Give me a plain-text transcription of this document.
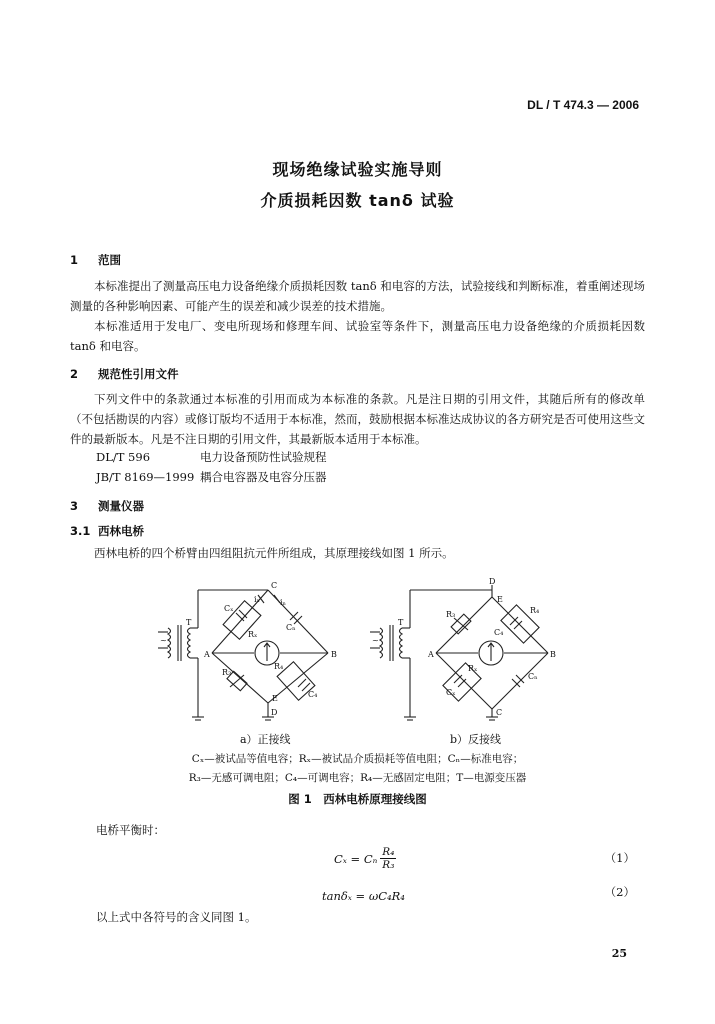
DL / T 474.3 — 2006
现场绝缘试验实施导则
介质损耗因数 tanδ 试验
1 范围
本标准提出了测量高压电力设备绝缘介质损耗因数 tanδ 和电容的方法，试验接线和判断标准，着重阐述现场测量的各种影响因素、可能产生的误差和减少误差的技术措施。
本标准适用于发电厂、变电所现场和修理车间、试验室等条件下，测量高压电力设备绝缘的介质损耗因数 tanδ 和电容。
2 规范性引用文件
下列文件中的条款通过本标准的引用而成为本标准的条款。凡是注日期的引用文件，其随后所有的修改单（不包括勘误的内容）或修订版均不适用于本标准，然而，鼓励根据本标准达成协议的各方研究是否可使用这些文件的最新版本。凡是不注日期的引用文件，其最新版本适用于本标准。
DL/T 596	电力设备预防性试验规程
JB/T 8169—1999 耦合电容器及电容分压器
3 测量仪器
3.1 西林电桥
西林电桥的四个桥臂由四组阻抗元件所组成，其原理接线如图 1 所示。
T
~
C
A	B
E
D
Cₓ
Rₓ
iₓ	iₙ
Cₙ
R₃
R₄
C₄
T
~
D
E
A	B
C
R₃	R₄
C₄
Rₓ
Cₓ
Cₙ
a）正接线	b）反接线
Cₓ—被试品等值电容；Rₓ—被试品介质损耗等值电阻；Cₙ—标准电容；
R₃—无感可调电阻；C₄—可调电容；R₄—无感固定电阻；T—电源变压器
图 1　西林电桥原理接线图
电桥平衡时：
Cₓ = Cₙ $\frac{\text{R₄}}{\text{R₃}}$	（1）
tanδₓ = ωC₄R₄	（2）
以上式中各符号的含义同图 1。
25
